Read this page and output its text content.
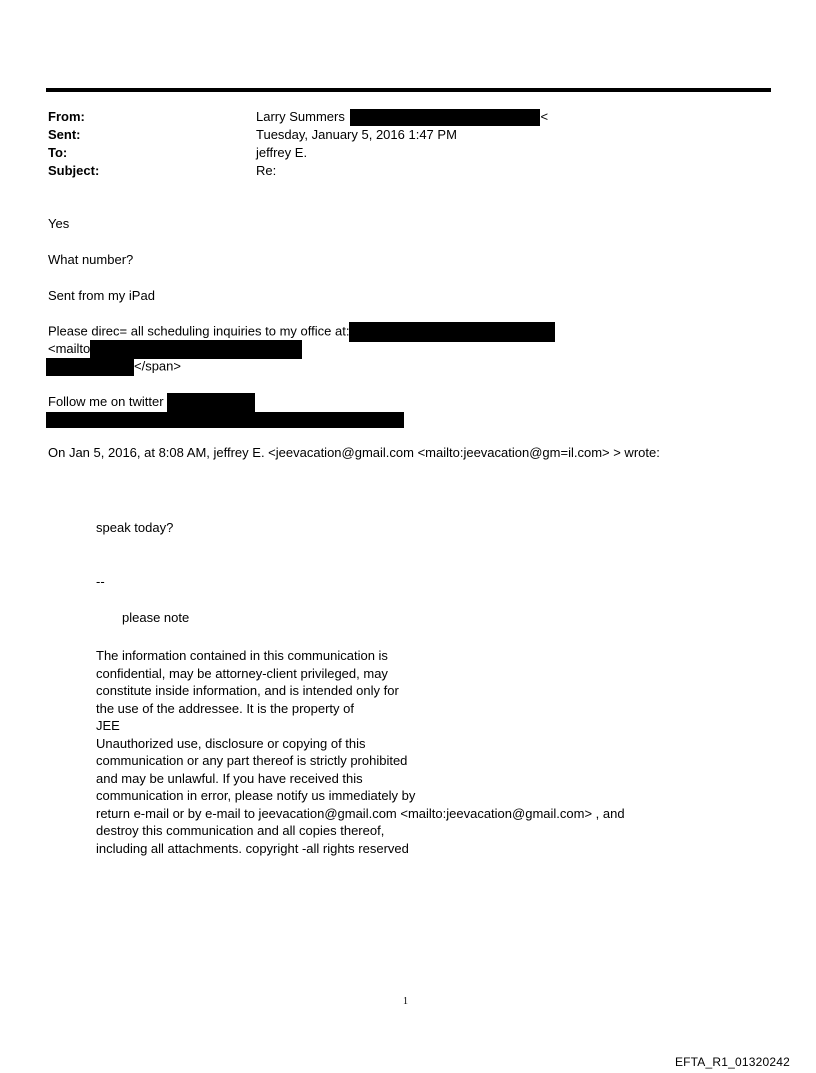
From:	Larry Summers	<
Sent:	Tuesday, January 5, 2016 1:47 PM
To:	jeffrey E.
Subject:	Re:
Yes
What number?
Sent from my iPad
Please direc= all scheduling inquiries to my office at:
<mailto
</span>
Follow me on twitter
On Jan 5, 2016, at 8:08 AM, jeffrey E. <jeevacation@gmail.com <mailto:jeevacation@gm=il.com> > wrote:
speak today?
--
please note
The information contained in this communication is
confidential, may be attorney-client privileged, may
constitute inside information, and is intended only for
the use of the addressee. It is the property of
JEE
Unauthorized use, disclosure or copying of this
communication or any part thereof is strictly prohibited
and may be unlawful. If you have received this
communication in error, please notify us immediately by
return e-mail or by e-mail to jeevacation@gmail.com <mailto:jeevacation@gmail.com> , and
destroy this communication and all copies thereof,
including all attachments. copyright -all rights reserved
1
EFTA_R1_01320242
